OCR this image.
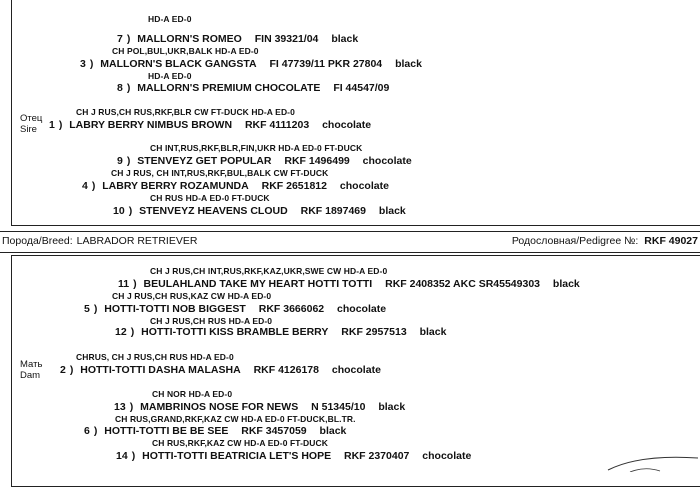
HD-A ED-0
7 ) MALLORN'S ROMEO FIN 39321/04 black
CH POL,BUL,UKR,BALK HD-A ED-0
3 ) MALLORN'S BLACK GANGSTA FI 47739/11 PKR 27804 black
HD-A ED-0
8 ) MALLORN'S PREMIUM CHOCOLATE FI 44547/09
Отец
Sire
CH J RUS,CH RUS,RKF,BLR CW FT-DUCK HD-A ED-0
1 ) LABRY BERRY NIMBUS BROWN RKF 4111203 chocolate
CH INT,RUS,RKF,BLR,FIN,UKR HD-A ED-0 FT-DUCK
9 ) STENVEYZ GET POPULAR RKF 1496499 chocolate
CH J RUS, CH INT,RUS,RKF,BUL,BALK CW FT-DUCK
4 ) LABRY BERRY ROZAMUNDA RKF 2651812 chocolate
CH RUS HD-A ED-0 FT-DUCK
10 ) STENVEYZ HEAVENS CLOUD RKF 1897469 black
Порода/Breed: LABRADOR RETRIEVER	Родословная/Pedigree №: RKF 49027
CH J RUS,CH INT,RUS,RKF,KAZ,UKR,SWE CW HD-A ED-0
11 ) BEULAHLAND TAKE MY HEART HOTTI TOTTI RKF 2408352 AKC SR45549303 black
CH J RUS,CH RUS,KAZ CW HD-A ED-0
5 ) HOTTI-TOTTI NOB BIGGEST RKF 3666062 chocolate
CH J RUS,CH RUS HD-A ED-0
12 ) HOTTI-TOTTI KISS BRAMBLE BERRY RKF 2957513 black
Мать
Dam
CHRUS, CH J RUS,CH RUS HD-A ED-0
2 ) HOTTI-TOTTI DASHA MALASHA RKF 4126178 chocolate
CH NOR HD-A ED-0
13 ) MAMBRINOS NOSE FOR NEWS N 51345/10 black
CH RUS,GRAND,RKF,KAZ CW HD-A ED-0 FT-DUCK,BL.TR.
6 ) HOTTI-TOTTI BE BE SEE RKF 3457059 black
CH RUS,RKF,KAZ CW HD-A ED-0 FT-DUCK
14 ) HOTTI-TOTTI BEATRICIA LET'S HOPE RKF 2370407 chocolate
